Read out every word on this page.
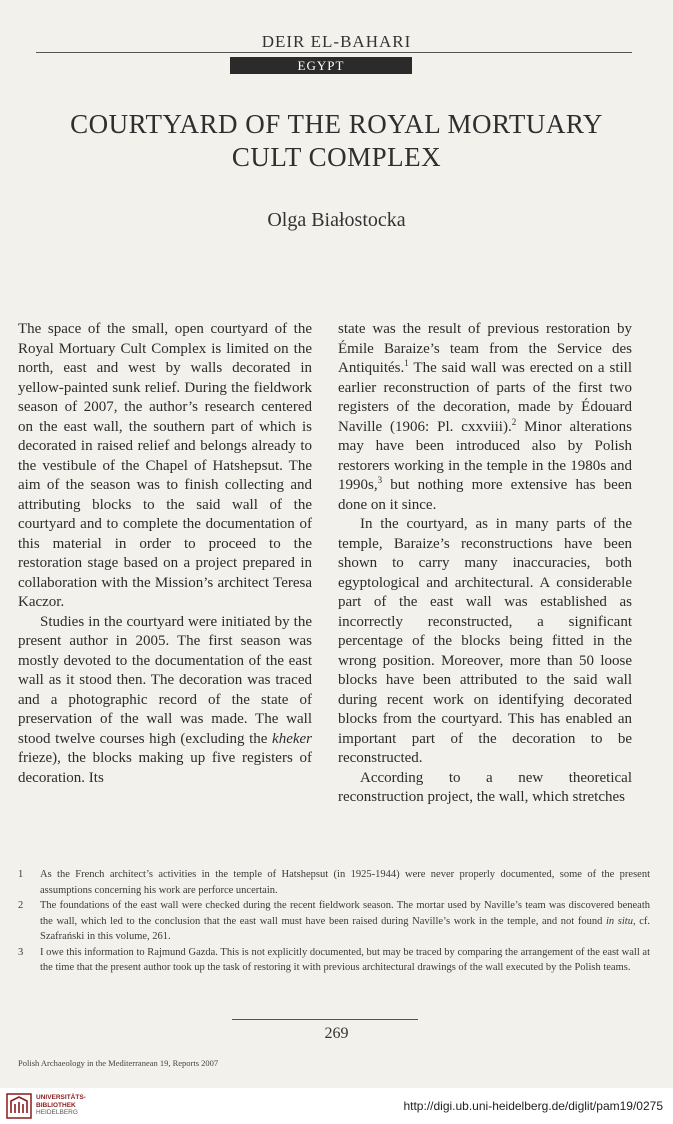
DEIR EL-BAHARI
EGYPT
COURTYARD OF THE ROYAL MORTUARY
CULT COMPLEX
Olga Białostocka

The space of the small, open courtyard of the Royal Mortuary Cult Complex is limited on the north, east and west by walls decorated in yellow-painted sunk relief. During the fieldwork season of 2007, the author’s research centered on the east wall, the southern part of which is decorated in raised relief and belongs already to the vestibule of the Chapel of Hatshepsut. The aim of the season was to finish collecting and attributing blocks to the said wall of the courtyard and to complete the documentation of this material in order to proceed to the restoration stage based on a project prepared in collaboration with the Mission’s architect Teresa Kaczor.

Studies in the courtyard were initiated by the present author in 2005. The first season was mostly devoted to the documentation of the east wall as it stood then. The decoration was traced and a photographic record of the state of preservation of the wall was made. The wall stood twelve courses high (excluding the kheker frieze), the blocks making up five registers of decoration. Its

state was the result of previous restoration by Émile Baraize’s team from the Service des Antiquités.$^1$ The said wall was erected on a still earlier reconstruction of parts of the first two registers of the decoration, made by Édouard Naville (1906: Pl. cxxviii).$^2$ Minor alterations may have been introduced also by Polish restorers working in the temple in the 1980s and 1990s,$^3$ but nothing more extensive has been done on it since.

In the courtyard, as in many parts of the temple, Baraize’s reconstructions have been shown to carry many inaccuracies, both egyptological and architectural. A considerable part of the east wall was established as incorrectly reconstructed, a significant percentage of the blocks being fitted in the wrong position. Moreover, more than 50 loose blocks have been attributed to the said wall during recent work on identifying decorated blocks from the courtyard. This has enabled an important part of the decoration to be reconstructed.

According to a new theoretical reconstruction project, the wall, which stretches

1	As the French architect’s activities in the temple of Hatshepsut (in 1925-1944) were never properly documented, some of the present assumptions concerning his work are perforce uncertain.
2	The foundations of the east wall were checked during the recent fieldwork season. The mortar used by Naville’s team was discovered beneath the wall, which led to the conclusion that the east wall must have been raised during Naville’s work in the temple, and not found in situ, cf. Szafrański in this volume, 261.
3	I owe this information to Rajmund Gazda. This is not explicitly documented, but may be traced by comparing the arrangement of the east wall at the time that the present author took up the task of restoring it with previous architectural drawings of the wall executed by the Polish teams.
269
Polish Archaeology in the Mediterranean 19, Reports 2007
UNIVERSITÄTS-
BIBLIOTHEK
HEIDELBERG	http://digi.ub.uni-heidelberg.de/diglit/pam19/0275
